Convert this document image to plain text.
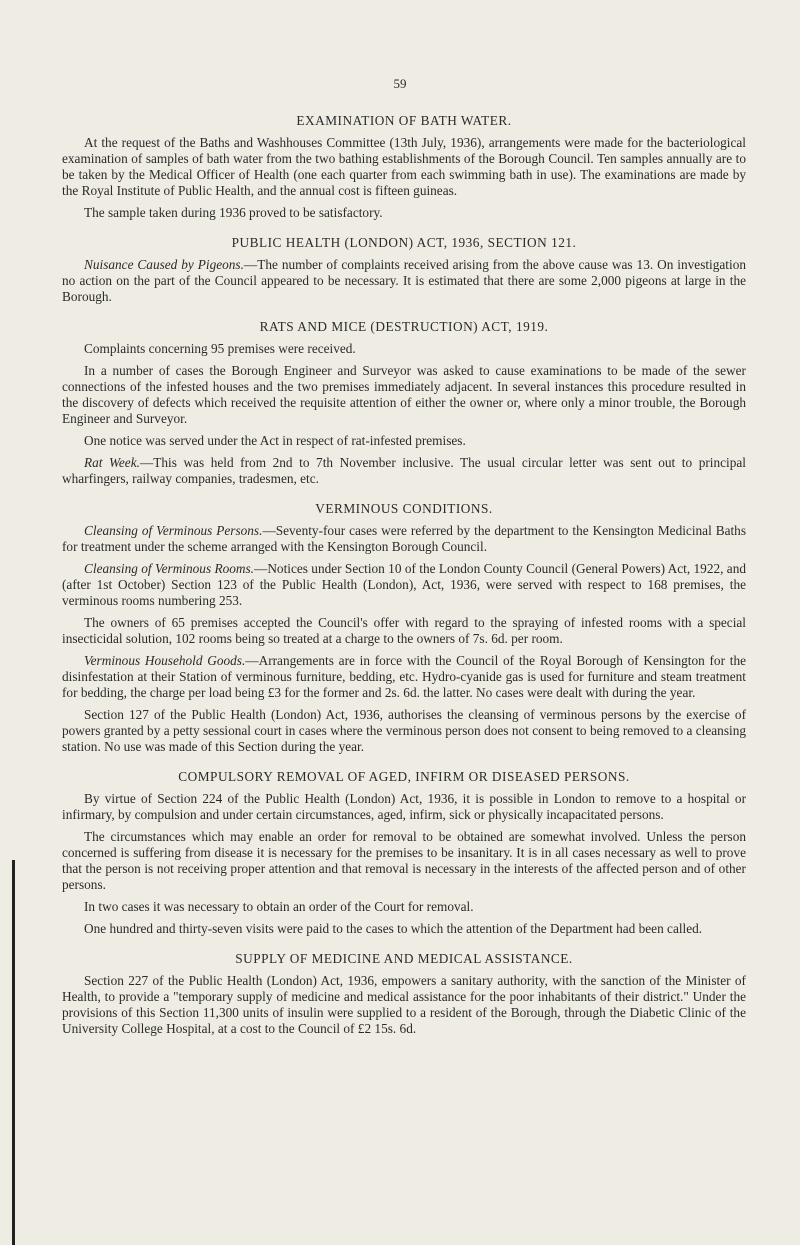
59
EXAMINATION OF BATH WATER.

At the request of the Baths and Washhouses Committee (13th July, 1936), arrangements were made for the bacteriological examination of samples of bath water from the two bathing establishments of the Borough Council. Ten samples annually are to be taken by the Medical Officer of Health (one each quarter from each swimming bath in use). The examinations are made by the Royal Institute of Public Health, and the annual cost is fifteen guineas.

The sample taken during 1936 proved to be satisfactory.

PUBLIC HEALTH (LONDON) ACT, 1936, SECTION 121.

Nuisance Caused by Pigeons.—The number of complaints received arising from the above cause was 13. On investigation no action on the part of the Council appeared to be necessary. It is estimated that there are some 2,000 pigeons at large in the Borough.

RATS AND MICE (DESTRUCTION) ACT, 1919.

Complaints concerning 95 premises were received.

In a number of cases the Borough Engineer and Surveyor was asked to cause examinations to be made of the sewer connections of the infested houses and the two premises immediately adjacent. In several instances this procedure resulted in the discovery of defects which received the requisite attention of either the owner or, where only a minor trouble, the Borough Engineer and Surveyor.

One notice was served under the Act in respect of rat-infested premises.

Rat Week.—This was held from 2nd to 7th November inclusive. The usual circular letter was sent out to principal wharfingers, railway companies, tradesmen, etc.

VERMINOUS CONDITIONS.

Cleansing of Verminous Persons.—Seventy-four cases were referred by the department to the Kensington Medicinal Baths for treatment under the scheme arranged with the Kensington Borough Council.

Cleansing of Verminous Rooms.—Notices under Section 10 of the London County Council (General Powers) Act, 1922, and (after 1st October) Section 123 of the Public Health (London), Act, 1936, were served with respect to 168 premises, the verminous rooms numbering 253.

The owners of 65 premises accepted the Council's offer with regard to the spraying of infested rooms with a special insecticidal solution, 102 rooms being so treated at a charge to the owners of 7s. 6d. per room.

Verminous Household Goods.—Arrangements are in force with the Council of the Royal Borough of Kensington for the disinfestation at their Station of verminous furniture, bedding, etc. Hydro-cyanide gas is used for furniture and steam treatment for bedding, the charge per load being £3 for the former and 2s. 6d. the latter. No cases were dealt with during the year.

Section 127 of the Public Health (London) Act, 1936, authorises the cleansing of verminous persons by the exercise of powers granted by a petty sessional court in cases where the verminous person does not consent to being removed to a cleansing station. No use was made of this Section during the year.

COMPULSORY REMOVAL OF AGED, INFIRM OR DISEASED PERSONS.

By virtue of Section 224 of the Public Health (London) Act, 1936, it is possible in London to remove to a hospital or infirmary, by compulsion and under certain circumstances, aged, infirm, sick or physically incapacitated persons.

The circumstances which may enable an order for removal to be obtained are somewhat involved. Unless the person concerned is suffering from disease it is necessary for the premises to be insanitary. It is in all cases necessary as well to prove that the person is not receiving proper attention and that removal is necessary in the interests of the affected person and of other persons.

In two cases it was necessary to obtain an order of the Court for removal.

One hundred and thirty-seven visits were paid to the cases to which the attention of the Department had been called.

SUPPLY OF MEDICINE AND MEDICAL ASSISTANCE.

Section 227 of the Public Health (London) Act, 1936, empowers a sanitary authority, with the sanction of the Minister of Health, to provide a "temporary supply of medicine and medical assistance for the poor inhabitants of their district." Under the provisions of this Section 11,300 units of insulin were supplied to a resident of the Borough, through the Diabetic Clinic of the University College Hospital, at a cost to the Council of £2 15s. 6d.
